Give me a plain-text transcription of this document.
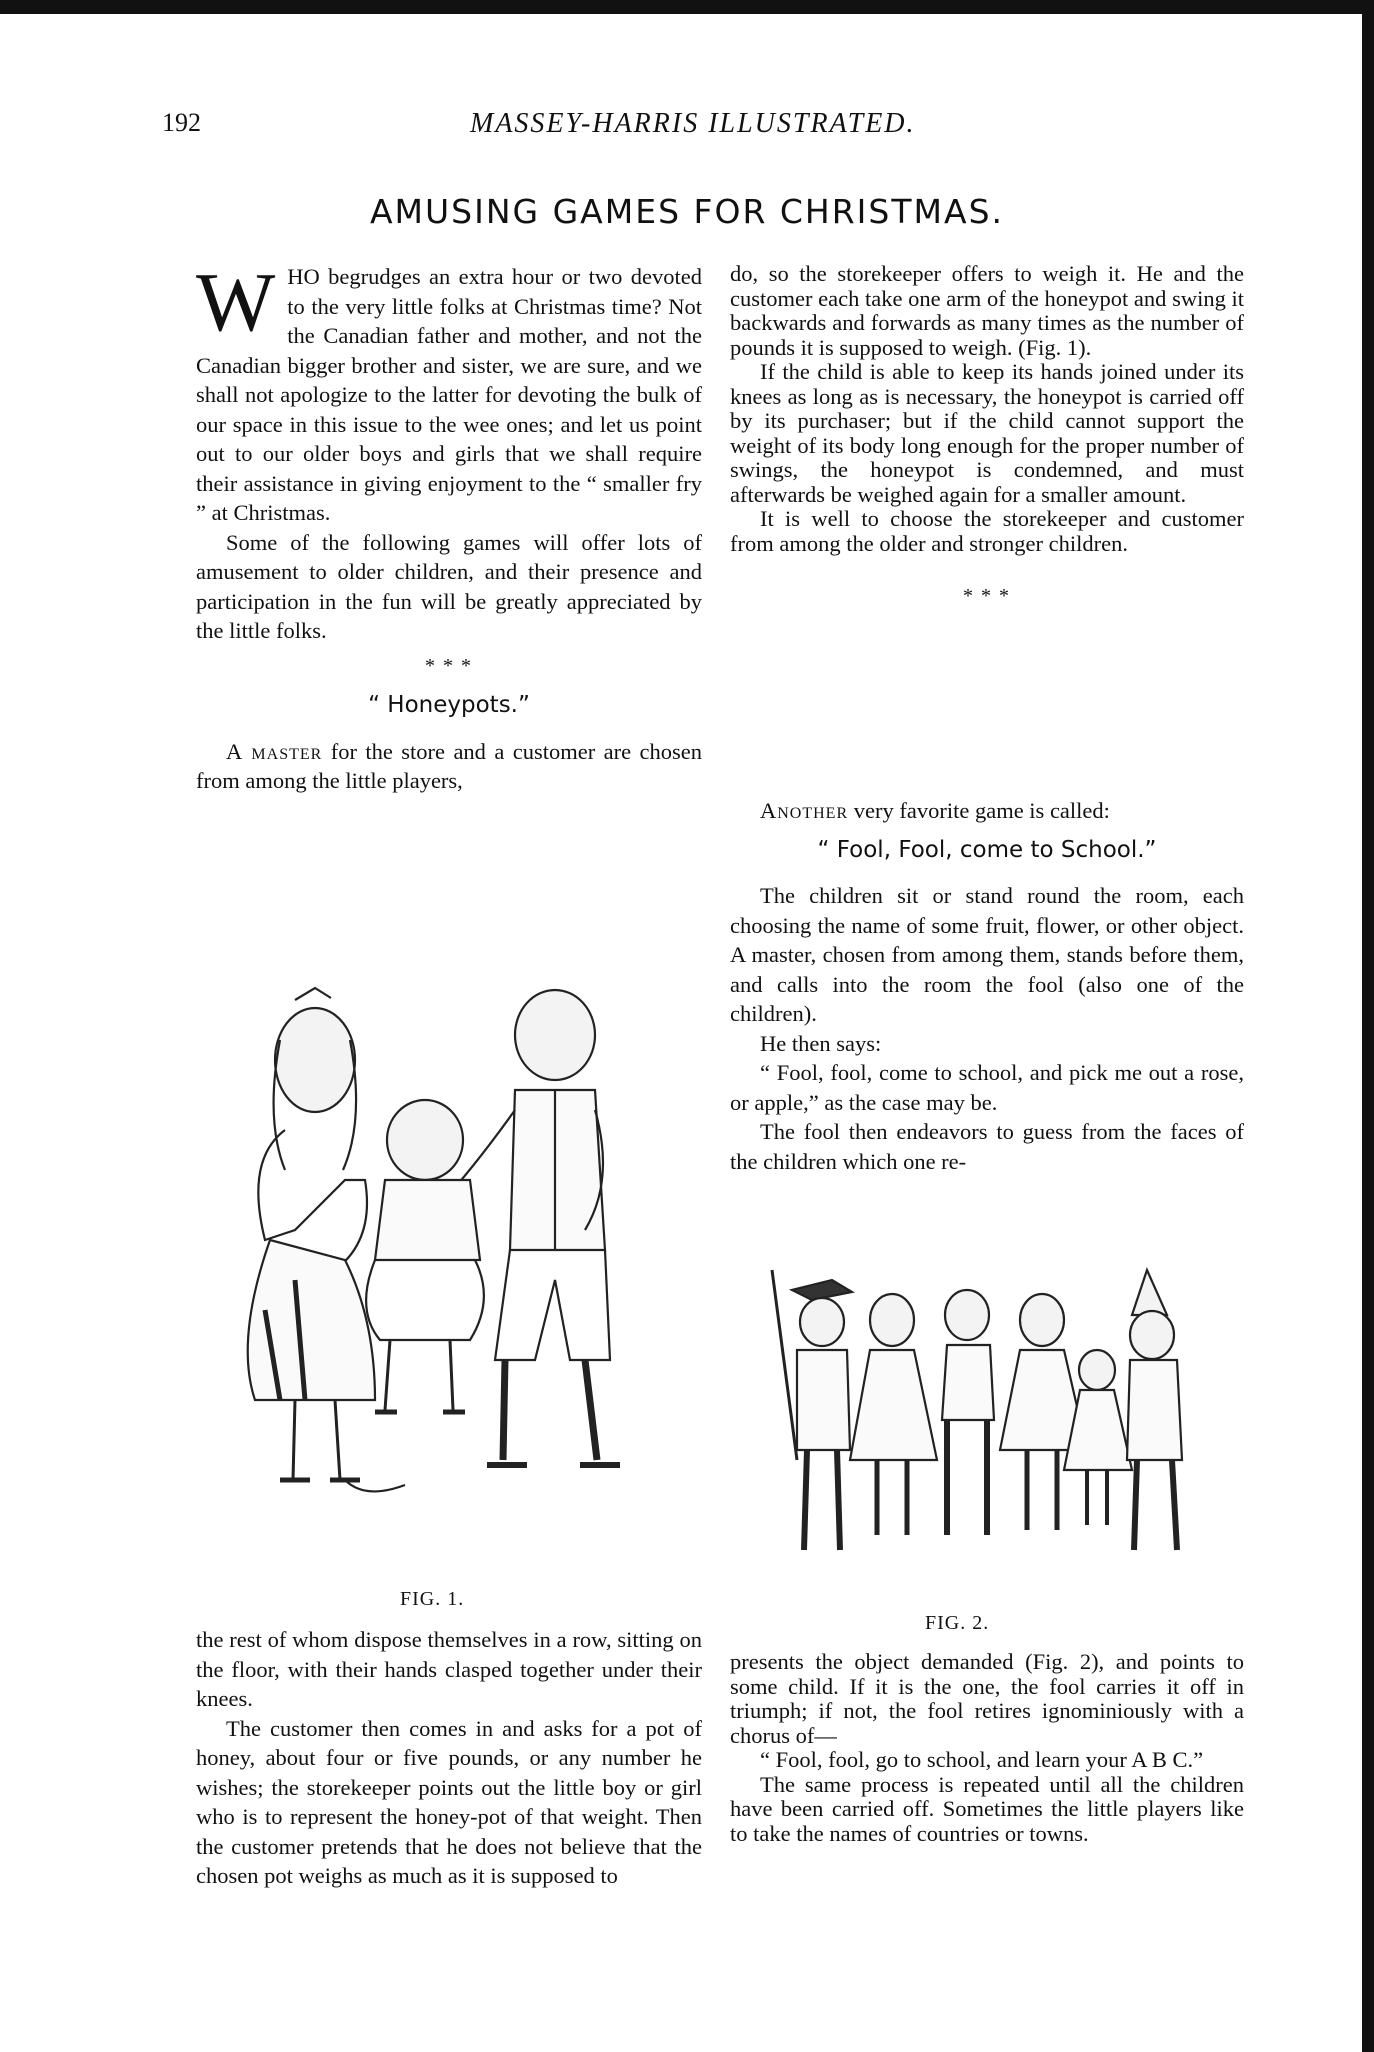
192	MASSEY-HARRIS ILLUSTRATED.
AMUSING GAMES FOR CHRISTMAS.

WHO begrudges an extra hour or two devoted to the very little folks at Christmas time? Not the Canadian father and mother, and not the Canadian bigger brother and sister, we are sure, and we shall not apologize to the latter for devoting the bulk of our space in this issue to the wee ones; and let us point out to our older boys and girls that we shall require their assistance in giving enjoyment to the “ smaller fry ” at Christmas.

Some of the following games will offer lots of amusement to older children, and their presence and participation in the fun will be greatly appreciated by the little folks.

* * *
“ Honeypots.”

A master for the store and a customer are chosen from among the little players,

FIG. 1.

the rest of whom dispose themselves in a row, sitting on the floor, with their hands clasped together under their knees.

The customer then comes in and asks for a pot of honey, about four or five pounds, or any number he wishes; the storekeeper points out the little boy or girl who is to represent the honey-pot of that weight. Then the customer pretends that he does not believe that the chosen pot weighs as much as it is supposed to

do, so the storekeeper offers to weigh it. He and the customer each take one arm of the honeypot and swing it backwards and forwards as many times as the number of pounds it is supposed to weigh. (Fig. 1).

If the child is able to keep its hands joined under its knees as long as is necessary, the honeypot is carried off by its purchaser; but if the child cannot support the weight of its body long enough for the proper number of swings, the honeypot is condemned, and must afterwards be weighed again for a smaller amount.

It is well to choose the storekeeper and customer from among the older and stronger children.

* * *

Another very favorite game is called:

“ Fool, Fool, come to School.”

The children sit or stand round the room, each choosing the name of some fruit, flower, or other object. A master, chosen from among them, stands before them, and calls into the room the fool (also one of the children).

He then says:

“ Fool, fool, come to school, and pick me out a rose, or apple,” as the case may be.

The fool then endeavors to guess from the faces of the children which one re-

FIG. 2.

presents the object demanded (Fig. 2), and points to some child. If it is the one, the fool carries it off in triumph; if not, the fool retires ignominiously with a chorus of—

“ Fool, fool, go to school, and learn your A B C.”

The same process is repeated until all the children have been carried off. Sometimes the little players like to take the names of countries or towns.
